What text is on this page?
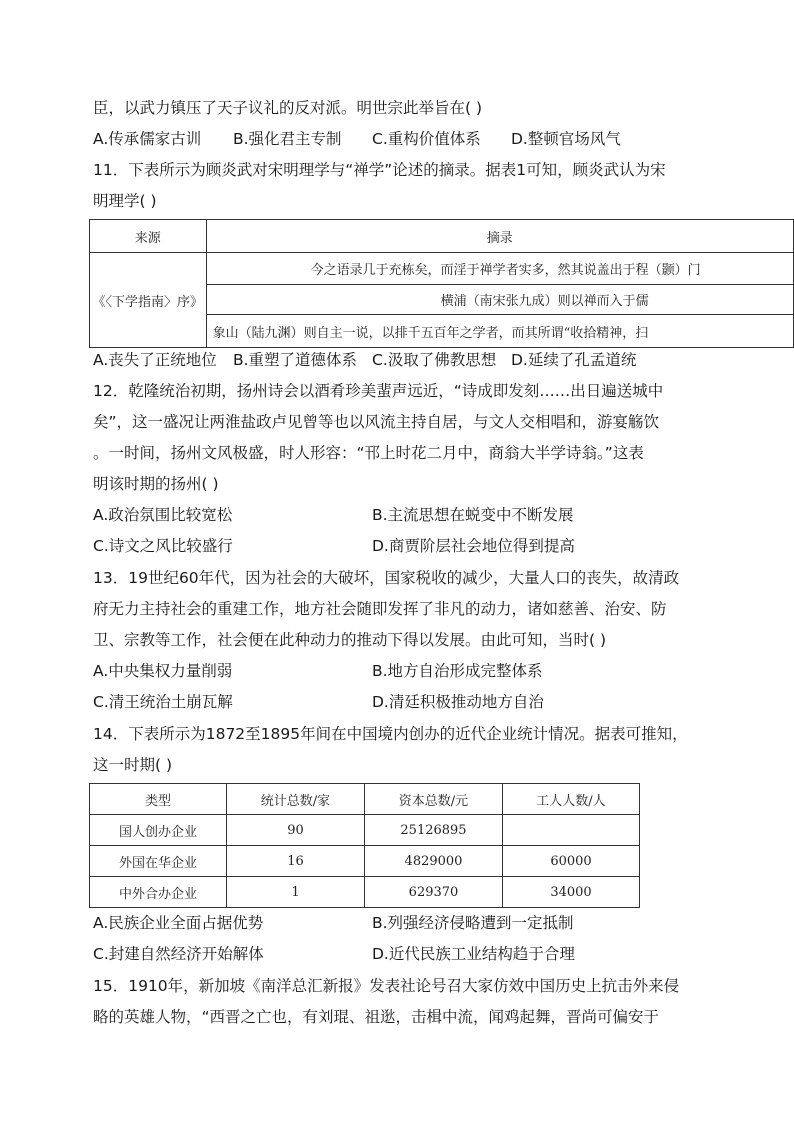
臣，以武力镇压了天子议礼的反对派。明世宗此举旨在( )
A.传承儒家古训 B.强化君主专制 C.重构价值体系 D.整顿官场风气
11．下表所示为顾炎武对宋明理学与“禅学”论述的摘录。据表1可知，顾炎武认为宋
明理学( )
来源	摘录
《〈下学指南〉序》	今之语录几于充栋矣，而淫于禅学者实多，然其说盖出于程（颢）门
	横浦（南宋张九成）则以禅而入于儒
	象山（陆九渊）则自主一说，以排千五百年之学者，而其所谓“收拾精神，扫
A.丧失了正统地位 B.重塑了道德体系 C.汲取了佛教思想 D.延续了孔孟道统
12．乾隆统治初期，扬州诗会以酒肴珍美蜚声远近，“诗成即发刻……出日遍送城中
矣”，这一盛况让两淮盐政卢见曾等也以风流主持自居，与文人交相唱和，游宴觞饮
。一时间，扬州文风极盛，时人形容：“邗上时花二月中，商翁大半学诗翁。”这表
明该时期的扬州( )
A.政治氛围比较宽松	B.主流思想在蜕变中不断发展
C.诗文之风比较盛行	D.商贾阶层社会地位得到提高
13．19世纪60年代，因为社会的大破坏，国家税收的减少，大量人口的丧失，故清政
府无力主持社会的重建工作，地方社会随即发挥了非凡的动力，诸如慈善、治安、防
卫、宗教等工作，社会便在此种动力的推动下得以发展。由此可知，当时( )
A.中央集权力量削弱	B.地方自治形成完整体系
C.清王统治土崩瓦解	D.清廷积极推动地方自治
14．下表所示为1872至1895年间在中国境内创办的近代企业统计情况。据表可推知，
这一时期( )
类型	统计总数/家	资本总数/元	工人人数/人
国人创办企业	90	25126895	
外国在华企业	16	4829000	60000
中外合办企业	1	629370	34000
A.民族企业全面占据优势	B.列强经济侵略遭到一定抵制
C.封建自然经济开始解体	D.近代民族工业结构趋于合理
15．1910年，新加坡《南洋总汇新报》发表社论号召大家仿效中国历史上抗击外来侵
略的英雄人物，“西晋之亡也，有刘琨、祖逖，击楫中流，闻鸡起舞，晋尚可偏安于
